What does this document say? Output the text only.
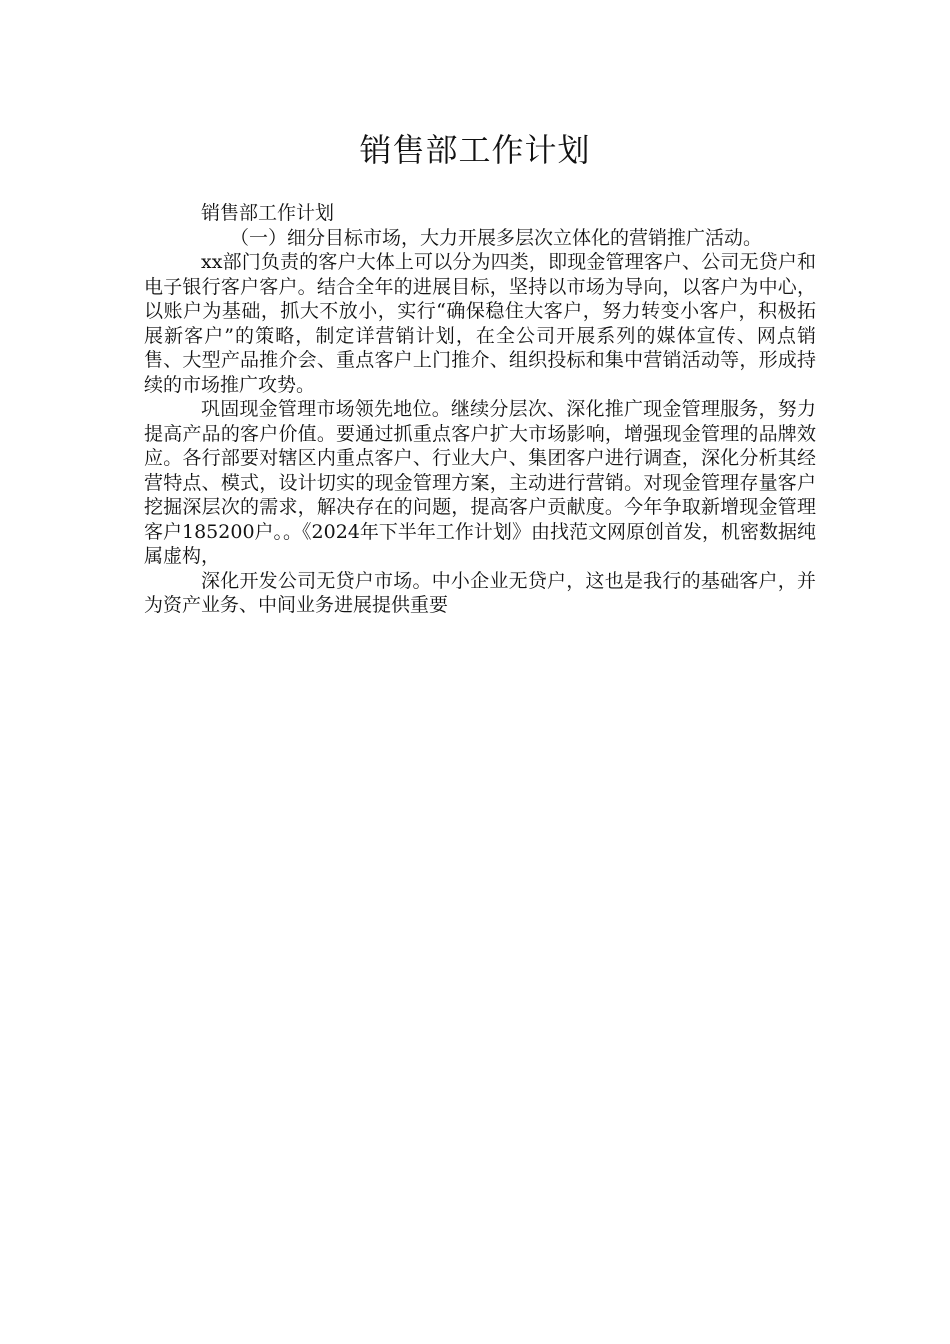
销售部工作计划

销售部工作计划

（一）细分目标市场，大力开展多层次立体化的营销推广活动。

xx部门负责的客户大体上可以分为四类，即现金管理客户、公司无贷户和电子银行客户客户。结合全年的进展目标，坚持以市场为导向，以客户为中心，以账户为基础，抓大不放小，实行“确保稳住大客户，努力转变小客户，积极拓展新客户”的策略，制定详营销计划，在全公司开展系列的媒体宣传、网点销售、大型产品推介会、重点客户上门推介、组织投标和集中营销活动等，形成持续的市场推广攻势。

巩固现金管理市场领先地位。继续分层次、深化推广现金管理服务，努力提高产品的客户价值。要通过抓重点客户扩大市场影响，增强现金管理的品牌效应。各行部要对辖区内重点客户、行业大户、集团客户进行调查，深化分析其经营特点、模式，设计切实的现金管理方案，主动进行营销。对现金管理存量客户挖掘深层次的需求，解决存在的问题，提高客户贡献度。今年争取新增现金管理客户185200户。。《2024年下半年工作计划》由找范文网原创首发，机密数据纯属虚构，

深化开发公司无贷户市场。中小企业无贷户，这也是我行的基础客户，并为资产业务、中间业务进展提供重要
